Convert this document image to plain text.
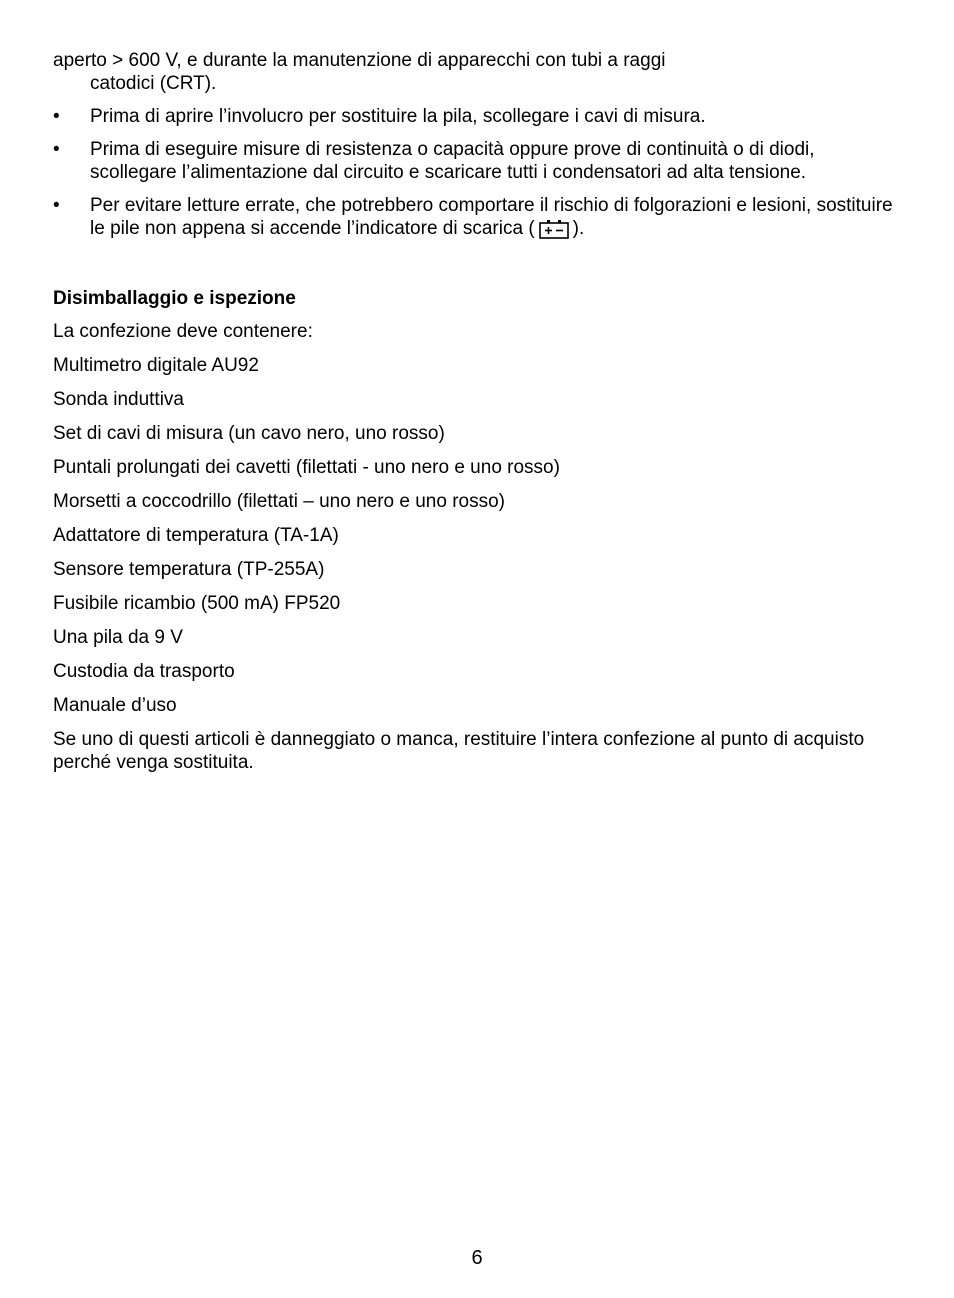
aperto > 600 V, e durante la manutenzione di apparecchi con tubi a raggi

catodici (CRT).

• Prima di aprire l’involucro per sostituire la pila, scollegare i cavi di misura.
• Prima di eseguire misure di resistenza o capacità oppure prove di continuità o di diodi, scollegare l’alimentazione dal circuito e scaricare tutti i condensatori ad alta tensione.
• Per evitare letture errate, che potrebbero comportare il rischio di folgorazioni e lesioni, sostituire le pile non appena si accende l’indicatore di scarica ( ).

Disimballaggio e ispezione

La confezione deve contenere:

Multimetro digitale AU92

Sonda induttiva

Set di cavi di misura (un cavo nero, uno rosso)

Puntali prolungati dei cavetti (filettati - uno nero e uno rosso)

Morsetti a coccodrillo (filettati – uno nero e uno rosso)

Adattatore di temperatura (TA-1A)

Sensore temperatura (TP-255A)

Fusibile ricambio (500 mA) FP520

Una pila da 9 V

Custodia da trasporto

Manuale d’uso

Se uno di questi articoli è danneggiato o manca, restituire l’intera confezione al punto di acquisto perché venga sostituita.

6
